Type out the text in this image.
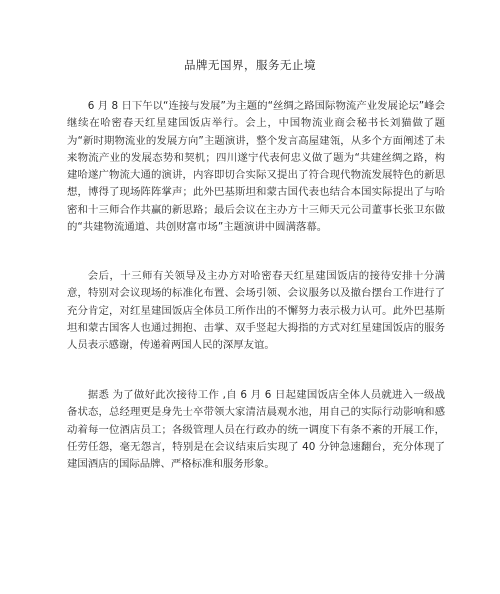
品牌无国界，服务无止境

6 月 8 日下午以“连接与发展”为主题的“丝绸之路国际物流产业发展论坛”峰会继续在哈密春天红星建国饭店举行。会上，中国物流业商会秘书长刘猫做了题为“新时期物流业的发展方向”主题演讲，整个发言高屋建瓴，从多个方面阐述了未来物流产业的发展态势和契机；四川遂宁代表何忠义做了题为“共建丝绸之路，构建哈遂广物流大通的演讲，内容即切合实际又提出了符合现代物流发展特色的新思想，博得了现场阵阵掌声；此外巴基斯坦和蒙古国代表也结合本国实际提出了与哈密和十三师合作共赢的新思路；最后会议在主办方十三师天元公司董事长张卫东做的“共建物流通道、共创财富市场”主题演讲中圆满落幕。

会后，十三师有关领导及主办方对哈密春天红星建国饭店的接待安排十分满意，特别对会议现场的标准化布置、会场引领、会议服务以及撤台摆台工作进行了充分肯定，对红星建国饭店全体员工所作出的不懈努力表示极力认可。此外巴基斯坦和蒙古国客人也通过拥抱、击掌、双手竖起大拇指的方式对红星建国饭店的服务人员表示感谢，传递着两国人民的深厚友谊。

据悉 为了做好此次接待工作 ,自 6 月 6 日起建国饭店全体人员就进入一级战备状态，总经理更是身先士卒带领大家清洁晨观水池，用自己的实际行动影响和感动着每一位酒店员工；各级管理人员在行政办的统一调度下有条不紊的开展工作，任劳任怨，毫无怨言，特别是在会议结束后实现了 40 分钟急速翻台，充分体现了建国酒店的国际品牌、严格标准和服务形象。
